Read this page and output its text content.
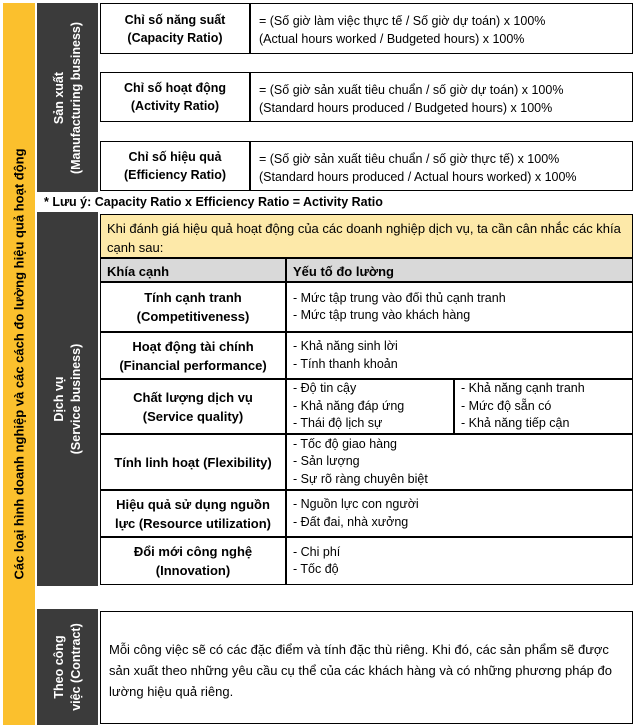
Các loại hình doanh nghiệp và các cách đo lường hiệu quả hoạt động
Sản xuất
(Manufacturing business)
Chỉ số năng suất
(Capacity Ratio)
= (Số giờ làm việc thực tế / Số giờ dự toán) x 100%
(Actual hours worked / Budgeted hours) x 100%
Chỉ số hoạt động
(Activity Ratio)
= (Số giờ sản xuất tiêu chuẩn / số giờ dự toán) x 100%
(Standard hours produced / Budgeted hours) x 100%
Chỉ số hiệu quả
(Efficiency Ratio)
= (Số giờ sản xuất tiêu chuẩn / số giờ thực tế) x 100%
(Standard hours produced / Actual hours worked) x 100%
* Lưu ý: Capacity Ratio x Efficiency Ratio = Activity Ratio
Dịch vụ
(Service business)
Khi đánh giá hiệu quả hoạt động của các doanh nghiệp dịch vụ, ta cần cân nhắc các khía cạnh sau:
Khía cạnh	Yếu tố đo lường
Tính cạnh tranh
(Competitiveness)
- Mức tập trung vào đối thủ cạnh tranh
- Mức tập trung vào khách hàng
Hoạt động tài chính
(Financial performance)
- Khả năng sinh lời
- Tính thanh khoản
Chất lượng dịch vụ
(Service quality)
- Độ tin cậy
- Khả năng đáp ứng
- Thái độ lịch sự
- Khả năng cạnh tranh
- Mức độ sẵn có
- Khả năng tiếp cận
Tính linh hoạt (Flexibility)
- Tốc độ giao hàng
- Sản lượng
- Sự rõ ràng chuyên biệt
Hiệu quả sử dụng nguồn
lực (Resource utilization)
- Nguồn lực con người
- Đất đai, nhà xưởng
Đổi mới công nghệ
(Innovation)
- Chi phí
- Tốc độ
Theo công
việc (Contract)	Mỗi công việc sẽ có các đặc điểm và tính đặc thù riêng. Khi đó, các sản phẩm sẽ được sản xuất theo những yêu cầu cụ thể của các khách hàng và có những phương pháp đo lường hiệu quả riêng.
